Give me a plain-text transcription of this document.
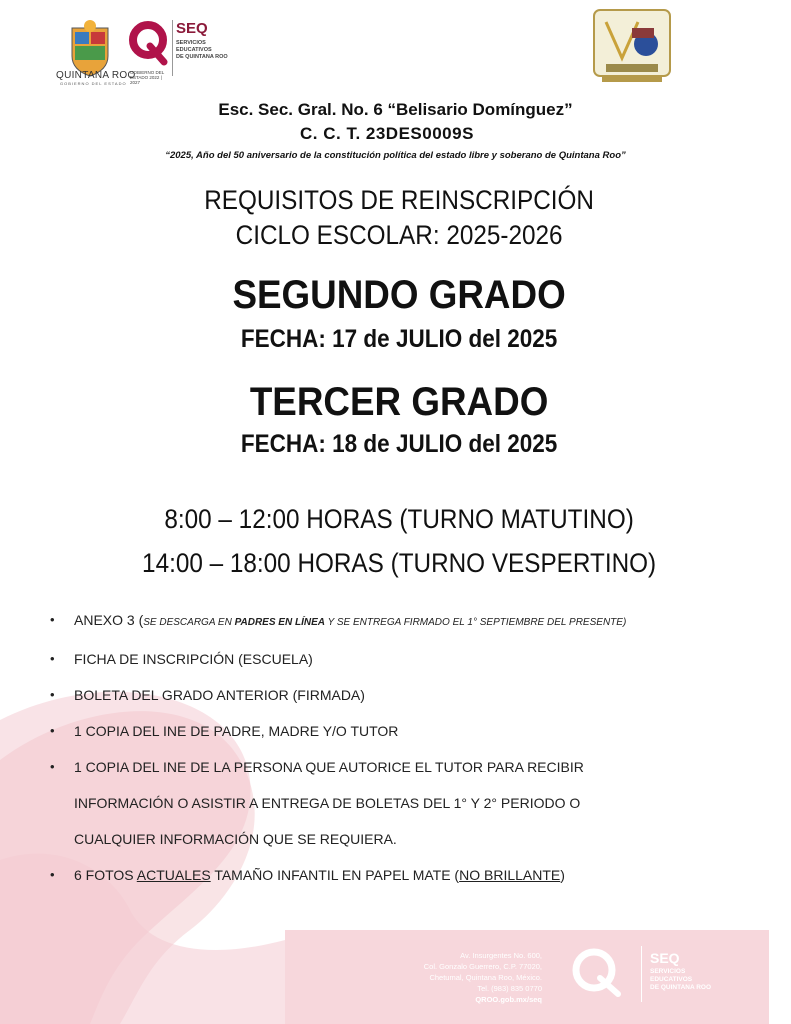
QUINTANA ROO
GOBIERNO DEL ESTADO
GOBIERNO DEL ESTADO 2022 | 2027
SEQ
SERVICIOS
EDUCATIVOS
DE QUINTANA ROO
Esc. Sec. Gral. No. 6 “Belisario Domínguez”
C. C. T. 23DES0009S
“2025, Año del 50 aniversario de la constitución política del estado libre y soberano de Quintana Roo”
REQUISITOS DE REINSCRIPCIÓN
CICLO ESCOLAR: 2025-2026
SEGUNDO GRADO
FECHA: 17 de JULIO del 2025
TERCER GRADO
FECHA: 18 de JULIO del 2025
8:00 – 12:00 HORAS (TURNO MATUTINO)
14:00 – 18:00 HORAS (TURNO VESPERTINO)
• ANEXO 3 (SE DESCARGA EN PADRES EN LÍNEA Y SE ENTREGA FIRMADO EL 1° SEPTIEMBRE DEL PRESENTE)
• FICHA DE INSCRIPCIÓN (ESCUELA)
• BOLETA DEL GRADO ANTERIOR (FIRMADA)
• 1 COPIA DEL INE DE PADRE, MADRE Y/O TUTOR
• 1 COPIA DEL INE DE LA PERSONA QUE AUTORICE EL TUTOR PARA RECIBIR
INFORMACIÓN O ASISTIR A ENTREGA DE BOLETAS DEL 1° Y 2° PERIODO O
CUALQUIER INFORMACIÓN QUE SE REQUIERA.
• 6 FOTOS ACTUALES TAMAÑO INFANTIL EN PAPEL MATE (NO BRILLANTE)
Av. Insurgentes No. 600,
Col. Gonzalo Guerrero, C.P. 77020,
Chetumal, Quintana Roo, México.
Tel. (983) 835 0770
QROO.gob.mx/seq
SEQ
SERVICIOS
EDUCATIVOS
DE QUINTANA ROO
